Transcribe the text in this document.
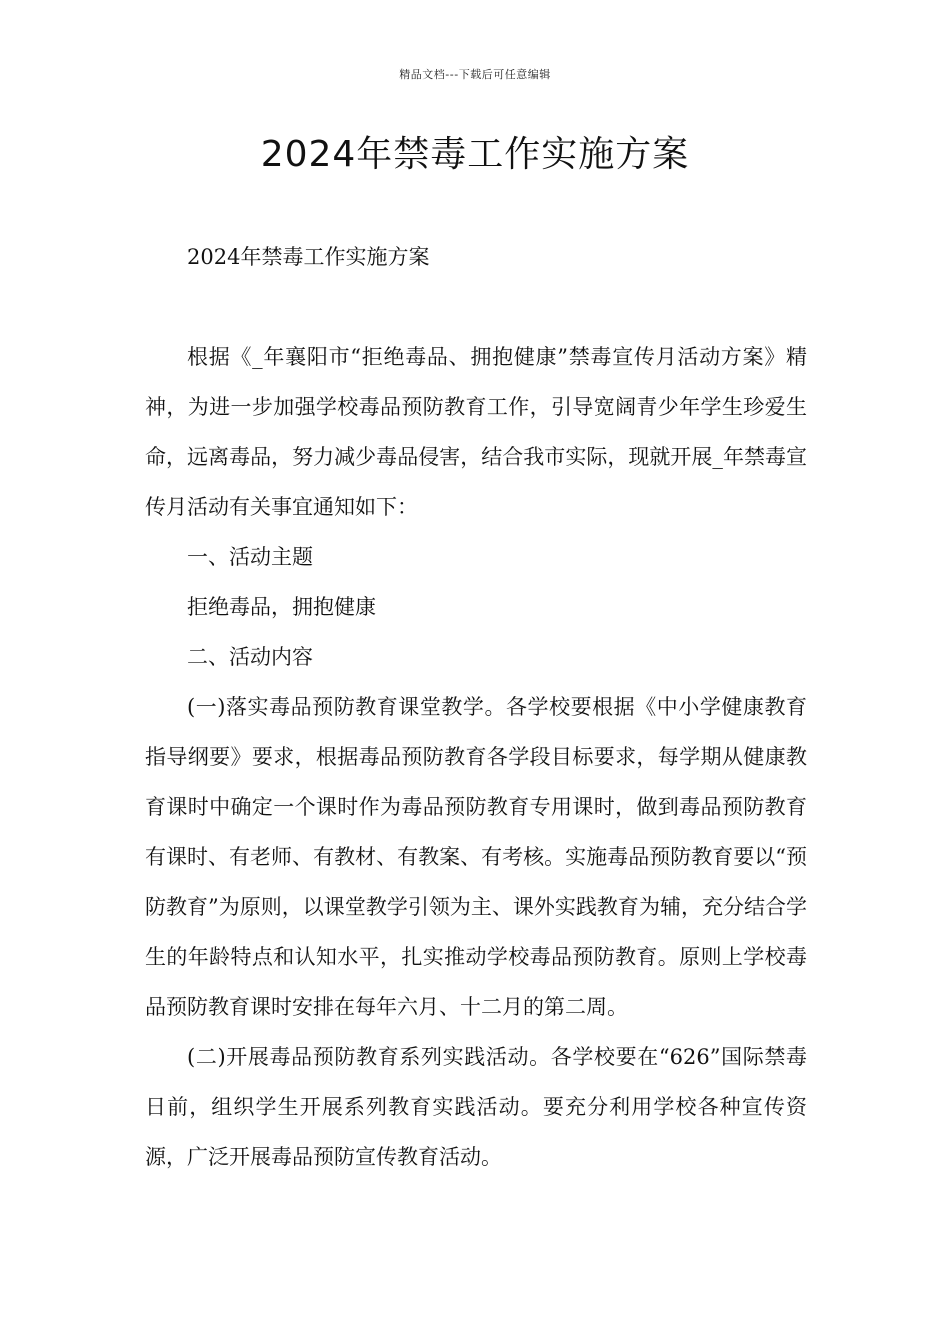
精品文档---下载后可任意编辑
2024年禁毒工作实施方案

2024年禁毒工作实施方案

根据《_年襄阳市“拒绝毒品、拥抱健康”禁毒宣传月活动方案》精神，为进一步加强学校毒品预防教育工作，引导宽阔青少年学生珍爱生命，远离毒品，努力减少毒品侵害，结合我市实际，现就开展_年禁毒宣传月活动有关事宜通知如下：

一、活动主题

拒绝毒品，拥抱健康

二、活动内容

(一)落实毒品预防教育课堂教学。各学校要根据《中小学健康教育指导纲要》要求，根据毒品预防教育各学段目标要求，每学期从健康教育课时中确定一个课时作为毒品预防教育专用课时，做到毒品预防教育有课时、有老师、有教材、有教案、有考核。实施毒品预防教育要以“预防教育”为原则，以课堂教学引领为主、课外实践教育为辅，充分结合学生的年龄特点和认知水平，扎实推动学校毒品预防教育。原则上学校毒品预防教育课时安排在每年六月、十二月的第二周。

(二)开展毒品预防教育系列实践活动。各学校要在“626”国际禁毒日前，组织学生开展系列教育实践活动。要充分利用学校各种宣传资源，广泛开展毒品预防宣传教育活动。
